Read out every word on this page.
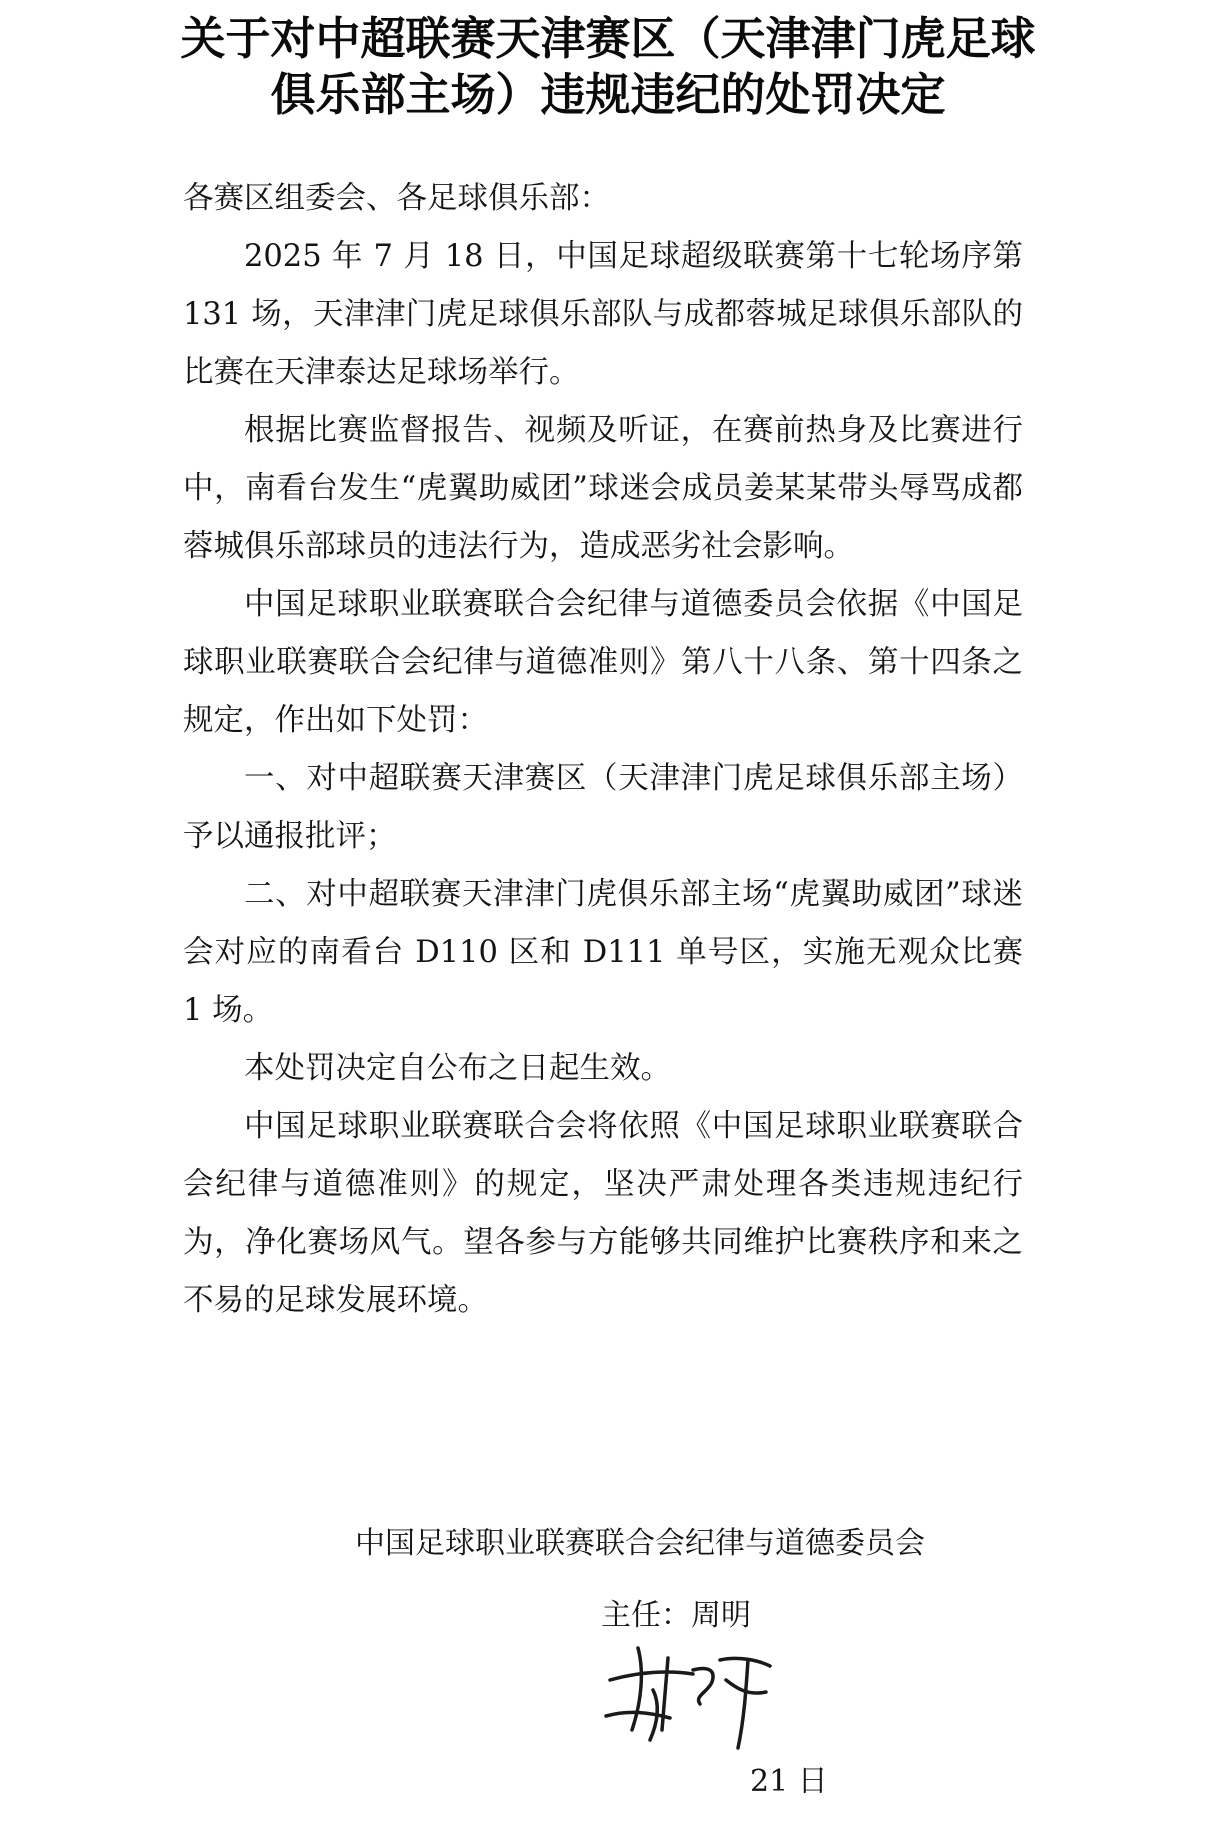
关于对中超联赛天津赛区（天津津门虎足球
俱乐部主场）违规违纪的处罚决定

各赛区组委会、各足球俱乐部：

2025 年 7 月 18 日，中国足球超级联赛第十七轮场序第 131 场，天津津门虎足球俱乐部队与成都蓉城足球俱乐部队的比赛在天津泰达足球场举行。

根据比赛监督报告、视频及听证，在赛前热身及比赛进行中，南看台发生“虎翼助威团”球迷会成员姜某某带头辱骂成都蓉城俱乐部球员的违法行为，造成恶劣社会影响。

中国足球职业联赛联合会纪律与道德委员会依据《中国足球职业联赛联合会纪律与道德准则》第八十八条、第十四条之规定，作出如下处罚：

一、对中超联赛天津赛区（天津津门虎足球俱乐部主场）予以通报批评；

二、对中超联赛天津津门虎俱乐部主场“虎翼助威团”球迷会对应的南看台 D110 区和 D111 单号区，实施无观众比赛 1 场。

本处罚决定自公布之日起生效。

中国足球职业联赛联合会将依照《中国足球职业联赛联合会纪律与道德准则》的规定，坚决严肃处理各类违规违纪行为，净化赛场风气。望各参与方能够共同维护比赛秩序和来之不易的足球发展环境。

中国足球职业联赛联合会纪律与道德委员会
主任：周明
21 日
